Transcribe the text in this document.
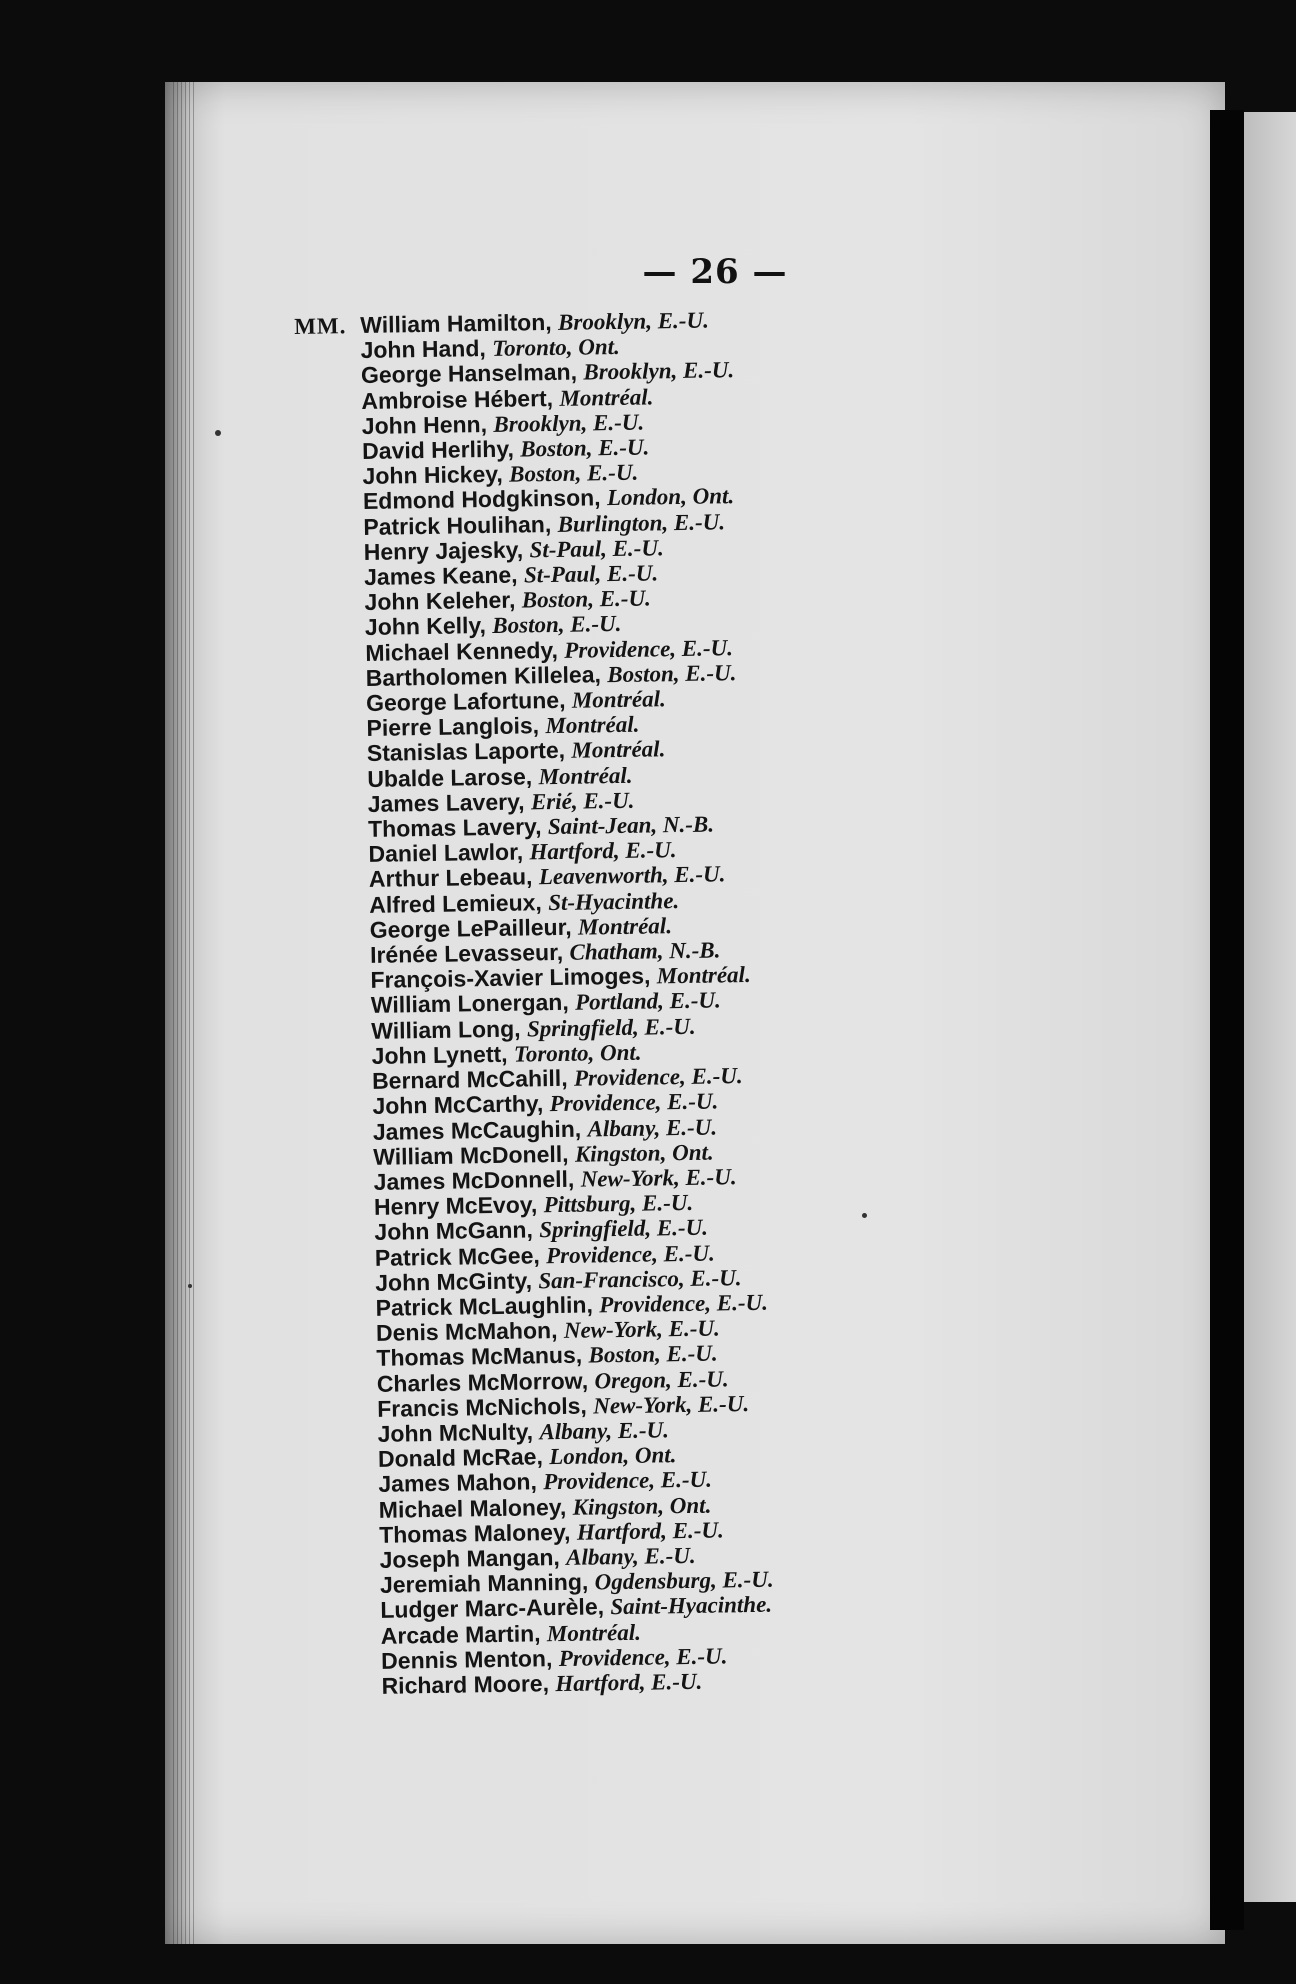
— 26 —
MM. William Hamilton, Brooklyn, E.-U.
John Hand, Toronto, Ont.
George Hanselman, Brooklyn, E.-U.
Ambroise Hébert, Montréal.
John Henn, Brooklyn, E.-U.
David Herlihy, Boston, E.-U.
John Hickey, Boston, E.-U.
Edmond Hodgkinson, London, Ont.
Patrick Houlihan, Burlington, E.-U.
Henry Jajesky, St-Paul, E.-U.
James Keane, St-Paul, E.-U.
John Keleher, Boston, E.-U.
John Kelly, Boston, E.-U.
Michael Kennedy, Providence, E.-U.
Bartholomen Killelea, Boston, E.-U.
George Lafortune, Montréal.
Pierre Langlois, Montréal.
Stanislas Laporte, Montréal.
Ubalde Larose, Montréal.
James Lavery, Erié, E.-U.
Thomas Lavery, Saint-Jean, N.-B.
Daniel Lawlor, Hartford, E.-U.
Arthur Lebeau, Leavenworth, E.-U.
Alfred Lemieux, St-Hyacinthe.
George LePailleur, Montréal.
Irénée Levasseur, Chatham, N.-B.
François-Xavier Limoges, Montréal.
William Lonergan, Portland, E.-U.
William Long, Springfield, E.-U.
John Lynett, Toronto, Ont.
Bernard McCahill, Providence, E.-U.
John McCarthy, Providence, E.-U.
James McCaughin, Albany, E.-U.
William McDonell, Kingston, Ont.
James McDonnell, New-York, E.-U.
Henry McEvoy, Pittsburg, E.-U.
John McGann, Springfield, E.-U.
Patrick McGee, Providence, E.-U.
John McGinty, San-Francisco, E.-U.
Patrick McLaughlin, Providence, E.-U.
Denis McMahon, New-York, E.-U.
Thomas McManus, Boston, E.-U.
Charles McMorrow, Oregon, E.-U.
Francis McNichols, New-York, E.-U.
John McNulty, Albany, E.-U.
Donald McRae, London, Ont.
James Mahon, Providence, E.-U.
Michael Maloney, Kingston, Ont.
Thomas Maloney, Hartford, E.-U.
Joseph Mangan, Albany, E.-U.
Jeremiah Manning, Ogdensburg, E.-U.
Ludger Marc-Aurèle, Saint-Hyacinthe.
Arcade Martin, Montréal.
Dennis Menton, Providence, E.-U.
Richard Moore, Hartford, E.-U.
